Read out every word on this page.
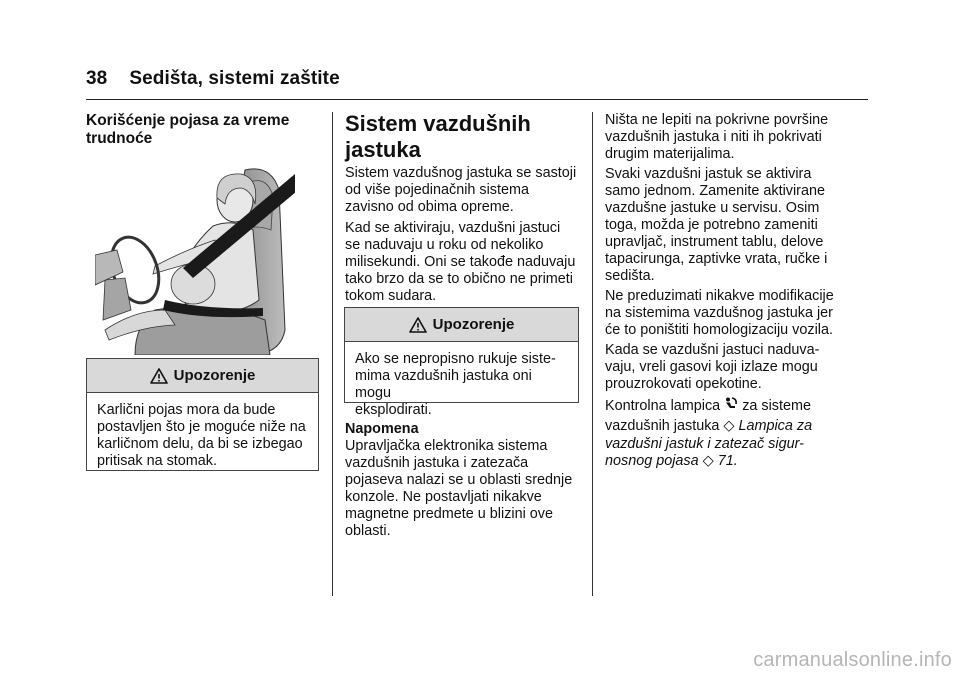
38 Sedišta, sistemi zaštite
Korišćenje pojasa za vreme
trudnoće
Upozorenje
Karlični pojas mora da bude
postavljen što je moguće niže na
karličnom delu, da bi se izbegao
pritisak na stomak.
Sistem vazdušnih
jastuka
Sistem vazdušnog jastuka se sastoji
od više pojedinačnih sistema
zavisno od obima opreme.
Kad se aktiviraju, vazdušni jastuci
se naduvaju u roku od nekoliko
milisekundi. Oni se takođe naduvaju
tako brzo da se to obično ne primeti
tokom sudara.
Upozorenje
Ako se nepropisno rukuje siste-
mima vazdušnih jastuka oni mogu
eksplodirati.
Napomena
Upravljačka elektronika sistema
vazdušnih jastuka i zatezača
pojaseva nalazi se u oblasti srednje
konzole. Ne postavljati nikakve
magnetne predmete u blizini ove
oblasti.
Ništa ne lepiti na pokrivne površine
vazdušnih jastuka i niti ih pokrivati
drugim materijalima.
Svaki vazdušni jastuk se aktivira
samo jednom. Zamenite aktivirane
vazdušne jastuke u servisu. Osim
toga, možda je potrebno zameniti
upravljač, instrument tablu, delove
tapacirunga, zaptivke vrata, ručke i
sedišta.
Ne preduzimati nikakve modifikacije
na sistemima vazdušnog jastuka jer
će to poništiti homologizaciju vozila.
Kada se vazdušni jastuci naduva-
vaju, vreli gasovi koji izlaze mogu
prouzrokovati opekotine.
Kontrolna lampica za sisteme
vazdušnih jastuka ◇ Lampica za
vazdušni jastuk i zatezač sigur-
nosnog pojasa ◇ 71.
carmanualsonline.info
